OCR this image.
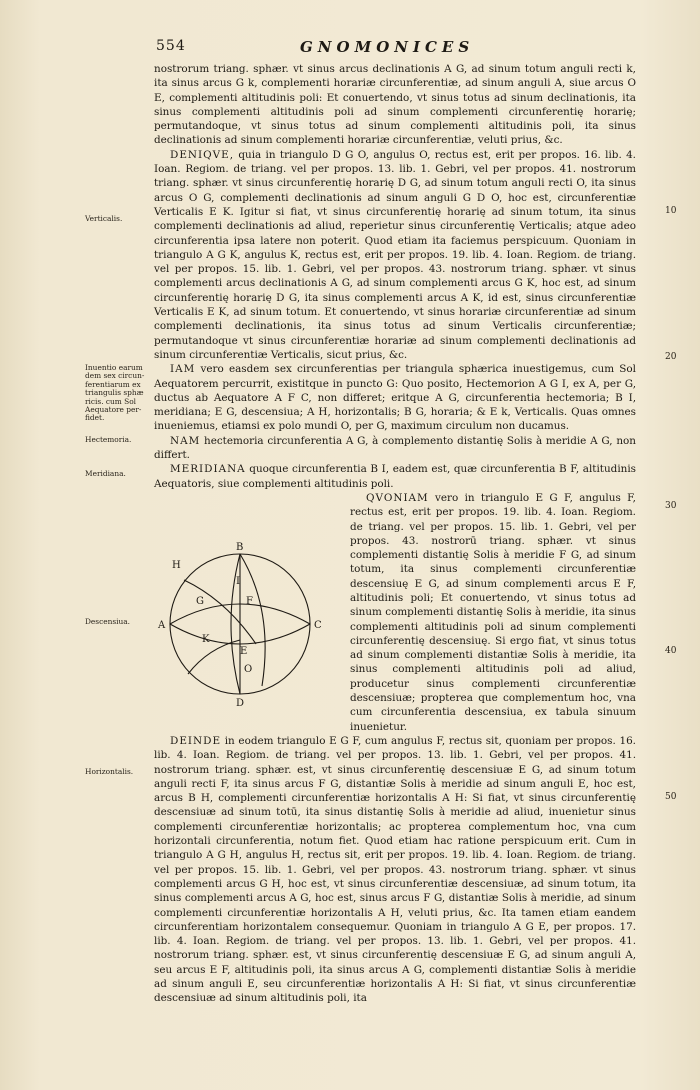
554	GNOMONICES
Verticalis.
Inuentio earum dem sex circun-ferentiarum ex triangulis sphæ ricis. cum Sol Aequatore per-fidet.
Hectemoria.
Meridiana.
Descensiua.
Horizontalis.
10
20
30
40
50

nostrorum triang. sphær. vt sinus arcus declinationis A G, ad sinum totum anguli recti k, ita sinus arcus G k, complementi horariæ circunferentiæ, ad sinum anguli A, siue arcus O E, complementi altitudinis poli: Et conuertendo, vt sinus totus ad sinum declinationis, ita sinus complementi altitudinis poli ad sinum complementi circunferentię horarię; permutandoque, vt sinus totus ad sinum complementi altitudinis poli, ita sinus declinationis ad sinum complementi horariæ circunferentiæ, veluti prius, &c.

DENIQVE, quia in triangulo D G O, angulus O, rectus est, erit per propos. 16. lib. 4. Ioan. Regiom. de triang. vel per propos. 13. lib. 1. Gebri, vel per propos. 41. nostrorum triang. sphær. vt sinus circunferentię horarię D G, ad sinum totum anguli recti O, ita sinus arcus O G, complementi declinationis ad sinum anguli G D O, hoc est, circunferentiæ Verticalis E K. Igitur si fiat, vt sinus circunferentię horarię ad sinum totum, ita sinus complementi declinationis ad aliud, reperietur sinus circunferentię Verticalis; atque adeo circunferentia ipsa latere non poterit. Quod etiam ita faciemus perspicuum. Quoniam in triangulo A G K, angulus K, rectus est, erit per propos. 19. lib. 4. Ioan. Regiom. de triang. vel per propos. 15. lib. 1. Gebri, vel per propos. 43. nostrorum triang. sphær. vt sinus complementi arcus declinationis A G, ad sinum complementi arcus G K, hoc est, ad sinum circunferentię horarię D G, ita sinus complementi arcus A K, id est, sinus circunferentiæ Verticalis E K, ad sinum totum. Et conuertendo, vt sinus horariæ circunferentiæ ad sinum complementi declinationis, ita sinus totus ad sinum Verticalis circunferentiæ; permutandoque vt sinus circunferentiæ horariæ ad sinum complementi declinationis ad sinum circunferentiæ Verticalis, sicut prius, &c.

IAM vero easdem sex circunferentias per triangula sphærica inuestigemus, cum Sol Aequatorem percurrit, existitque in puncto G: Quo posito, Hectemorion A G I, ex A, per G, ductus ab Aequatore A F C, non differet; eritque A G, circunferentia hectemoria; B I, meridiana; E G, descensiua; A H, horizontalis; B G, horaria; & E k, Verticalis. Quas omnes inueniemus, etiamsi ex polo mundi O, per G, maximum circulum non ducamus.

NAM hectemoria circunferentia A G, à complemento distantię Solis à meridie A G, non differt.

MERIDIANA quoque circunferentia B I, eadem est, quæ circunferentia B F, altitudinis Aequatoris, siue complementi altitudinis poli.

QVONIAM vero in triangulo E G F, angulus F, rectus est, erit per propos. 19. lib. 4. Ioan. Regiom. de triang. vel per propos. 15. lib. 1. Gebri, vel per propos. 43. nostrorū triang. sphær. vt sinus complementi distantię Solis à meridie F G, ad sinum totum, ita sinus complementi circunferentiæ descensiuę E G, ad sinum complementi arcus E F, altitudinis poli; Et conuertendo, vt sinus totus ad sinum complementi distantię Solis à meridie, ita sinus complementi altitudinis poli ad sinum complementi circunferentię descensiuę. Si ergo fiat, vt sinus totus ad sinum complementi distantiæ Solis à meridie, ita sinus complementi altitudinis poli ad aliud, producetur sinus complementi circunferentiæ descensiuæ; propterea que complementum hoc, vna cum circunferentia descensiua, ex tabula sinuum inuenietur.

DEINDE in eodem triangulo E G F, cum angulus F, rectus sit, quoniam per propos. 16. lib. 4. Ioan. Regiom. de triang. vel per propos. 13. lib. 1. Gebri, vel per propos. 41. nostrorum triang. sphær. est, vt sinus circunferentię descensiuæ E G, ad sinum totum anguli recti F, ita sinus arcus F G, distantiæ Solis à meridie ad sinum anguli E, hoc est, arcus B H, complementi circunferentiæ horizontalis A H: Si fiat, vt sinus circunferentię descensiuæ ad sinum totū, ita sinus distantię Solis à meridie ad aliud, inuenietur sinus complementi circunferentiæ horizontalis; ac propterea complementum hoc, vna cum horizontali circunferentia, notum fiet. Quod etiam hac ratione perspicuum erit. Cum in triangulo A G H, angulus H, rectus sit, erit per propos. 19. lib. 4. Ioan. Regiom. de triang. vel per propos. 15. lib. 1. Gebri, vel per propos. 43. nostrorum triang. sphær. vt sinus complementi arcus G H, hoc est, vt sinus circunferentiæ descensiuæ, ad sinum totum, ita sinus complementi arcus A G, hoc est, sinus arcus F G, distantiæ Solis à meridie, ad sinum complementi circunferentiæ horizontalis A H, veluti prius, &c. Ita tamen etiam eandem circunferentiam horizontalem consequemur. Quoniam in triangulo A G E, per propos. 17. lib. 4. Ioan. Regiom. de triang. vel per propos. 13. lib. 1. Gebri, vel per propos. 41. nostrorum triang. sphær. est, vt sinus circunferentię descensiuæ E G, ad sinum anguli A, seu arcus E F, altitudinis poli, ita sinus arcus A G, complementi distantiæ Solis à meridie ad sinum anguli E, seu circunferentiæ horizontalis A H: Si fiat, vt sinus circunferentiæ descensiuæ ad sinum altitudinis poli, ita

B
H
I
G	F
A	C
K
E
O
D
